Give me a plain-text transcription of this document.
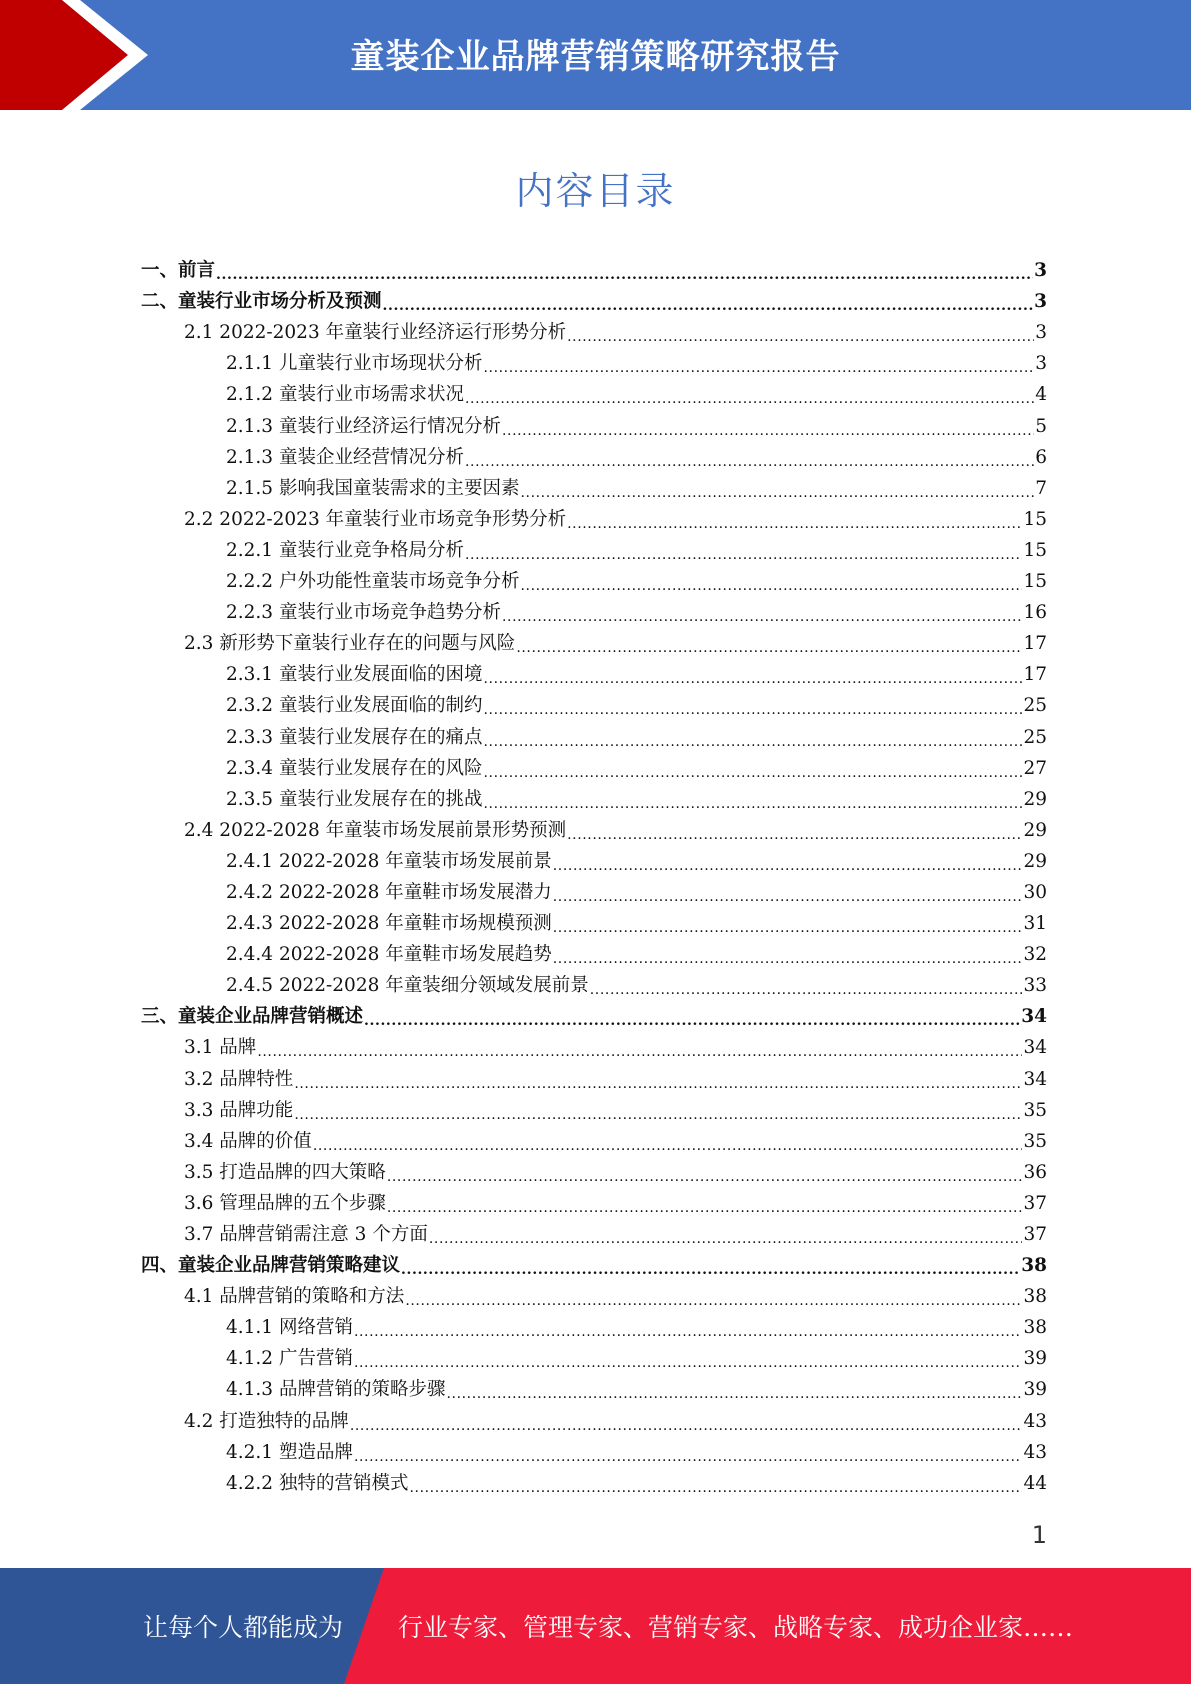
童装企业品牌营销策略研究报告
内容目录
一、前言 .....	3
二、童装行业市场分析及预测 .....	3
2.1 2022-2023 年童装行业经济运行形势分析 .....	3
2.1.1 儿童装行业市场现状分析 .....	3
2.1.2 童装行业市场需求状况 .....	4
2.1.3 童装行业经济运行情况分析 .....	5
2.1.3 童装企业经营情况分析 .....	6
2.1.5 影响我国童装需求的主要因素 .....	7
2.2 2022-2023 年童装行业市场竞争形势分析 .....	15
2.2.1 童装行业竞争格局分析 .....	15
2.2.2 户外功能性童装市场竞争分析 .....	15
2.2.3 童装行业市场竞争趋势分析 .....	16
2.3 新形势下童装行业存在的问题与风险 .....	17
2.3.1 童装行业发展面临的困境 .....	17
2.3.2 童装行业发展面临的制约 .....	25
2.3.3 童装行业发展存在的痛点 .....	25
2.3.4 童装行业发展存在的风险 .....	27
2.3.5 童装行业发展存在的挑战 .....	29
2.4 2022-2028 年童装市场发展前景形势预测 .....	29
2.4.1 2022-2028 年童装市场发展前景 .....	29
2.4.2 2022-2028 年童鞋市场发展潜力 .....	30
2.4.3 2022-2028 年童鞋市场规模预测 .....	31
2.4.4 2022-2028 年童鞋市场发展趋势 .....	32
2.4.5 2022-2028 年童装细分领域发展前景 .....	33
三、童装企业品牌营销概述 .....	34
3.1 品牌 .....	34
3.2 品牌特性 .....	34
3.3 品牌功能 .....	35
3.4 品牌的价值 .....	35
3.5 打造品牌的四大策略 .....	36
3.6 管理品牌的五个步骤 .....	37
3.7 品牌营销需注意 3 个方面 .....	37
四、童装企业品牌营销策略建议 .....	38
4.1 品牌营销的策略和方法 .....	38
4.1.1 网络营销 .....	38
4.1.2 广告营销 .....	39
4.1.3 品牌营销的策略步骤 .....	39
4.2 打造独特的品牌 .....	43
4.2.1 塑造品牌 .....	43
4.2.2 独特的营销模式 .....	44
1
让每个人都能成为 行业专家、管理专家、营销专家、战略专家、成功企业家……
